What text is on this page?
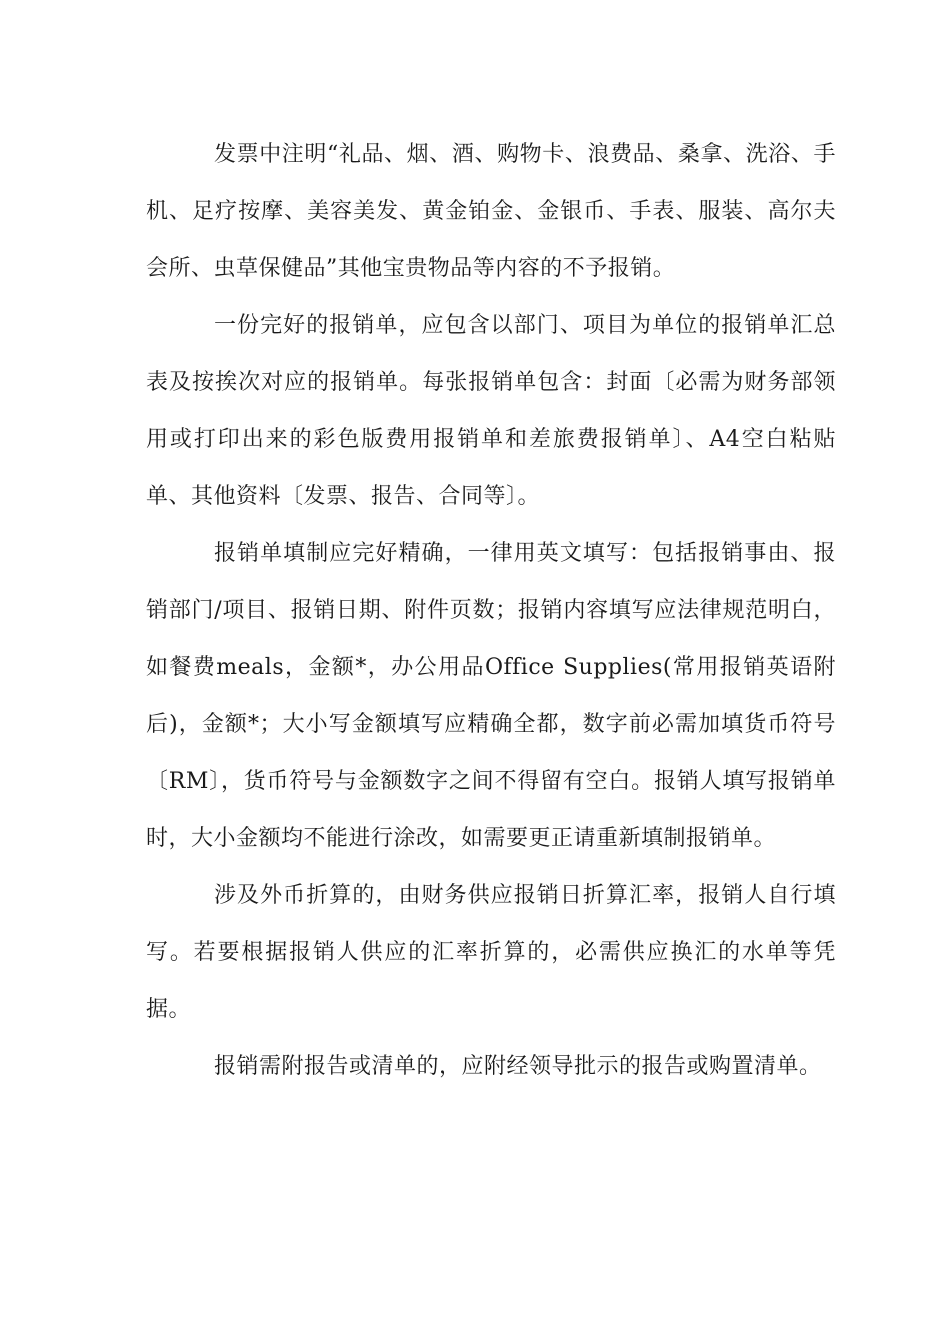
发票中注明“礼品、烟、酒、购物卡、浪费品、桑拿、洗浴、手机、足疗按摩、美容美发、黄金铂金、金银币、手表、服装、高尔夫会所、虫草保健品”其他宝贵物品等内容的不予报销。

一份完好的报销单，应包含以部门、项目为单位的报销单汇总表及按挨次对应的报销单。每张报销单包含：封面〔必需为财务部领用或打印出来的彩色版费用报销单和差旅费报销单〕、A4空白粘贴单、其他资料〔发票、报告、合同等〕。

报销单填制应完好精确，一律用英文填写：包括报销事由、报销部门/项目、报销日期、附件页数；报销内容填写应法律规范明白，如餐费meals，金额*，办公用品Office Supplies(常用报销英语附后)，金额*；大小写金额填写应精确全都，数字前必需加填货币符号〔RM〕，货币符号与金额数字之间不得留有空白。报销人填写报销单时，大小金额均不能进行涂改，如需要更正请重新填制报销单。

涉及外币折算的，由财务供应报销日折算汇率，报销人自行填写。若要根据报销人供应的汇率折算的，必需供应换汇的水单等凭据。

报销需附报告或清单的，应附经领导批示的报告或购置清单。
